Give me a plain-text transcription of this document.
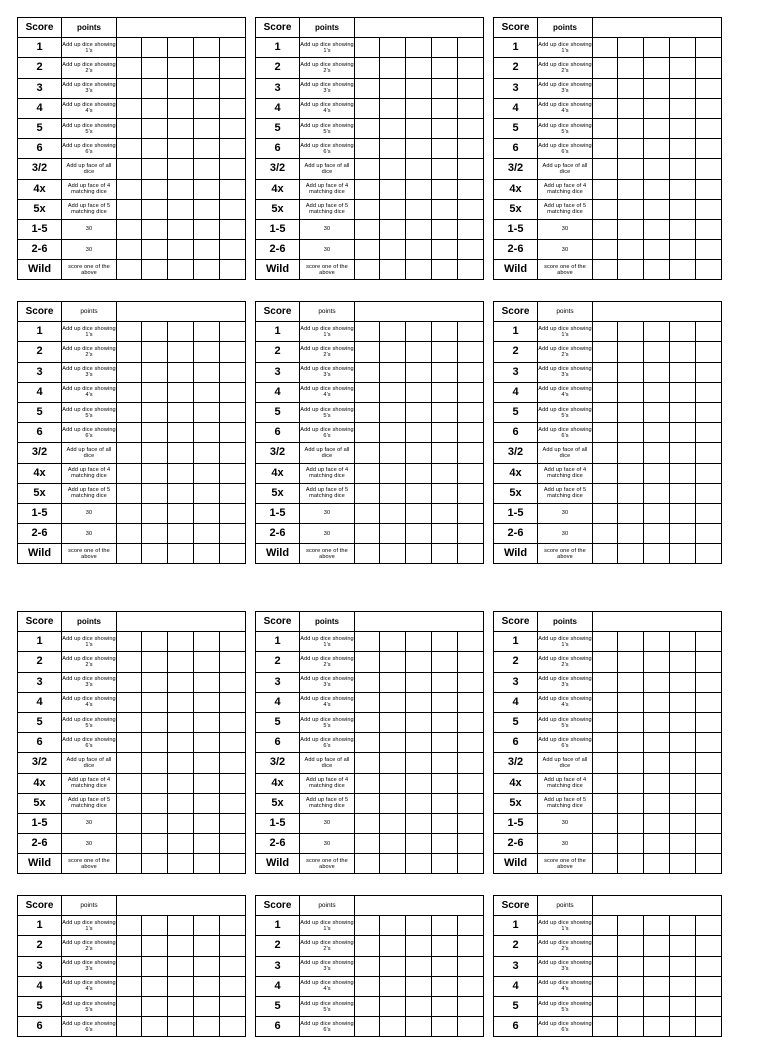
Score	points					
1	Add up dice showing 1's					
2	Add up dice showing 2's					
3	Add up dice showing 3's					
4	Add up dice showing 4's					
5	Add up dice showing 5's					
6	Add up dice showing 6's					
3/2	Add up face of all dice					
4x	Add up face of 4 matching dice					
5x	Add up face of 5 matching dice					
1-5	30					
2-6	30					
Wild	score one of the above					
Score	points					
1	Add up dice showing 1's					
2	Add up dice showing 2's					
3	Add up dice showing 3's					
4	Add up dice showing 4's					
5	Add up dice showing 5's					
6	Add up dice showing 6's					
3/2	Add up face of all dice					
4x	Add up face of 4 matching dice					
5x	Add up face of 5 matching dice					
1-5	30					
2-6	30					
Wild	score one of the above					
Score	points					
1	Add up dice showing 1's					
2	Add up dice showing 2's					
3	Add up dice showing 3's					
4	Add up dice showing 4's					
5	Add up dice showing 5's					
6	Add up dice showing 6's					
3/2	Add up face of all dice					
4x	Add up face of 4 matching dice					
5x	Add up face of 5 matching dice					
1-5	30					
2-6	30					
Wild	score one of the above					
Score	points					
1	Add up dice showing 1's					
2	Add up dice showing 2's					
3	Add up dice showing 3's					
4	Add up dice showing 4's					
5	Add up dice showing 5's					
6	Add up dice showing 6's					
3/2	Add up face of all dice					
4x	Add up face of 4 matching dice					
5x	Add up face of 5 matching dice					
1-5	30					
2-6	30					
Wild	score one of the above					
Score	points					
1	Add up dice showing 1's					
2	Add up dice showing 2's					
3	Add up dice showing 3's					
4	Add up dice showing 4's					
5	Add up dice showing 5's					
6	Add up dice showing 6's					
3/2	Add up face of all dice					
4x	Add up face of 4 matching dice					
5x	Add up face of 5 matching dice					
1-5	30					
2-6	30					
Wild	score one of the above					
Score	points					
1	Add up dice showing 1's					
2	Add up dice showing 2's					
3	Add up dice showing 3's					
4	Add up dice showing 4's					
5	Add up dice showing 5's					
6	Add up dice showing 6's					
3/2	Add up face of all dice					
4x	Add up face of 4 matching dice					
5x	Add up face of 5 matching dice					
1-5	30					
2-6	30					
Wild	score one of the above					
Score	points					
1	Add up dice showing 1's					
2	Add up dice showing 2's					
3	Add up dice showing 3's					
4	Add up dice showing 4's					
5	Add up dice showing 5's					
6	Add up dice showing 6's					
3/2	Add up face of all dice					
4x	Add up face of 4 matching dice					
5x	Add up face of 5 matching dice					
1-5	30					
2-6	30					
Wild	score one of the above					
Score	points					
1	Add up dice showing 1's					
2	Add up dice showing 2's					
3	Add up dice showing 3's					
4	Add up dice showing 4's					
5	Add up dice showing 5's					
6	Add up dice showing 6's					
3/2	Add up face of all dice					
4x	Add up face of 4 matching dice					
5x	Add up face of 5 matching dice					
1-5	30					
2-6	30					
Wild	score one of the above					
Score	points					
1	Add up dice showing 1's					
2	Add up dice showing 2's					
3	Add up dice showing 3's					
4	Add up dice showing 4's					
5	Add up dice showing 5's					
6	Add up dice showing 6's					
3/2	Add up face of all dice					
4x	Add up face of 4 matching dice					
5x	Add up face of 5 matching dice					
1-5	30					
2-6	30					
Wild	score one of the above					
Score	points					
1	Add up dice showing 1's					
2	Add up dice showing 2's					
3	Add up dice showing 3's					
4	Add up dice showing 4's					
5	Add up dice showing 5's					
6	Add up dice showing 6's					
Score	points					
1	Add up dice showing 1's					
2	Add up dice showing 2's					
3	Add up dice showing 3's					
4	Add up dice showing 4's					
5	Add up dice showing 5's					
6	Add up dice showing 6's					
Score	points					
1	Add up dice showing 1's					
2	Add up dice showing 2's					
3	Add up dice showing 3's					
4	Add up dice showing 4's					
5	Add up dice showing 5's					
6	Add up dice showing 6's					
